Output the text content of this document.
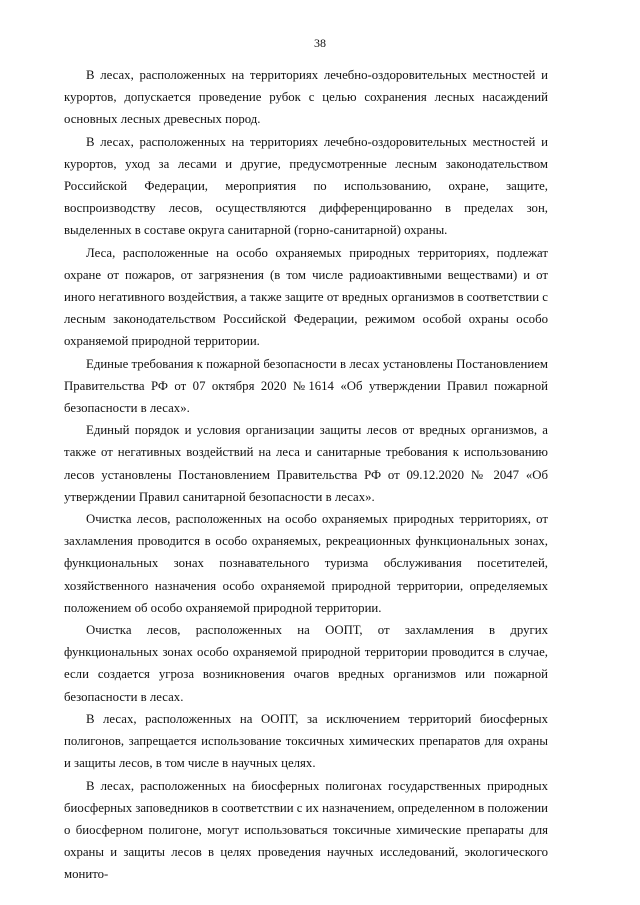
38

В лесах, расположенных на территориях лечебно-оздоровительных местностей и курортов, допускается проведение рубок с целью сохранения лесных насаждений основных лесных древесных пород.

В лесах, расположенных на территориях лечебно-оздоровительных местностей и курортов, уход за лесами и другие, предусмотренные лесным законодательством Российской Федерации, мероприятия по использованию, охране, защите, воспроизводству лесов, осуществляются дифференцированно в пределах зон, выделенных в составе округа санитарной (горно-санитарной) охраны.

Леса, расположенные на особо охраняемых природных территориях, подлежат охране от пожаров, от загрязнения (в том числе радиоактивными веществами) и от иного негативного воздействия, а также защите от вредных организмов в соответствии с лесным законодательством Российской Федерации, режимом особой охраны особо охраняемой природной территории.

Единые требования к пожарной безопасности в лесах установлены Постановлением Правительства РФ от 07 октября 2020 №1614 «Об утверждении Правил пожарной безопасности в лесах».

Единый порядок и условия организации защиты лесов от вредных организмов, а также от негативных воздействий на леса и санитарные требования к использованию лесов установлены Постановлением Правительства РФ от 09.12.2020 № 2047 «Об утверждении Правил санитарной безопасности в лесах».

Очистка лесов, расположенных на особо охраняемых природных территориях, от захламления проводится в особо охраняемых, рекреационных функциональных зонах, функциональных зонах познавательного туризма обслуживания посетителей, хозяйственного назначения особо охраняемой природной территории, определяемых положением об особо охраняемой природной территории.

Очистка лесов, расположенных на ООПТ, от захламления в других функциональных зонах особо охраняемой природной территории проводится в случае, если создается угроза возникновения очагов вредных организмов или пожарной безопасности в лесах.

В лесах, расположенных на ООПТ, за исключением территорий биосферных полигонов, запрещается использование токсичных химических препаратов для охраны и защиты лесов, в том числе в научных целях.

В лесах, расположенных на биосферных полигонах государственных природных биосферных заповедников в соответствии с их назначением, определенном в положении о биосферном полигоне, могут использоваться токсичные химические препараты для охраны и защиты лесов в целях проведения научных исследований, экологического монито-
